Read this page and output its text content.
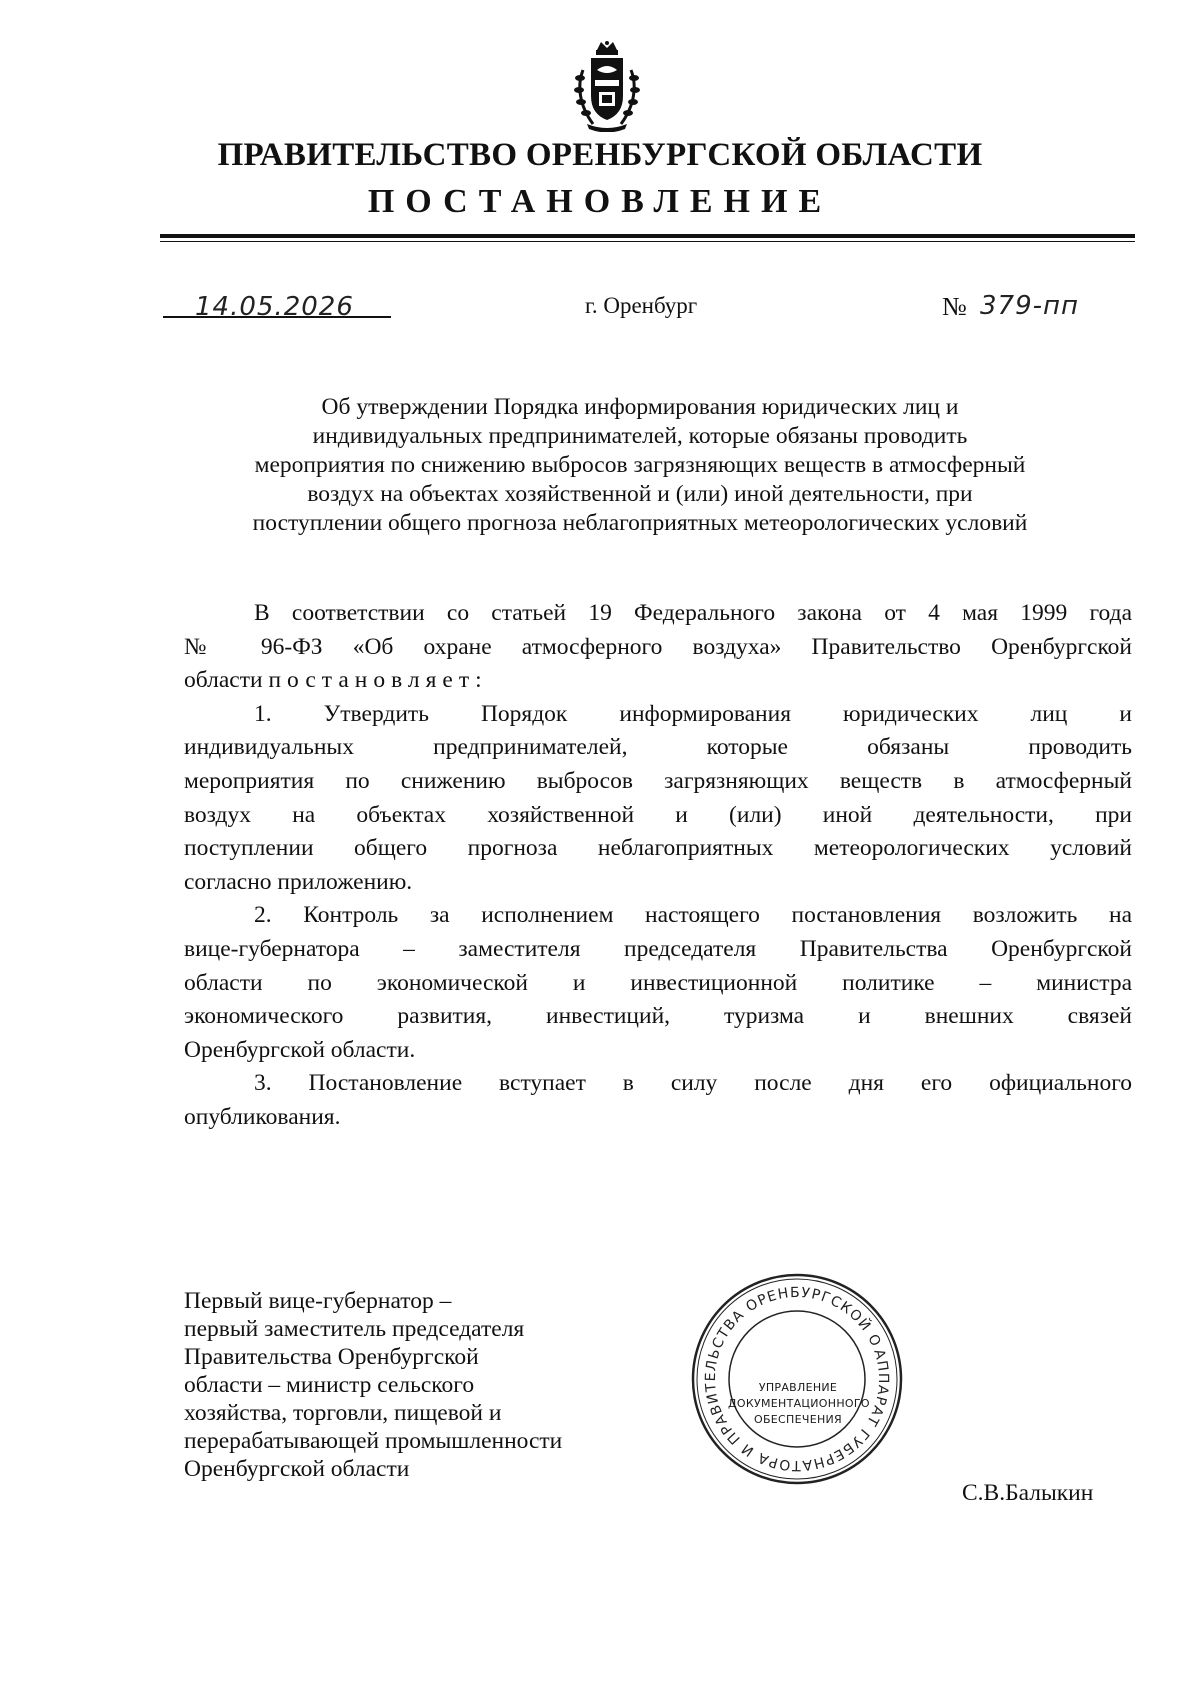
ПРАВИТЕЛЬСТВО ОРЕНБУРГСКОЙ ОБЛАСТИ
ПОСТАНОВЛЕНИЕ
14.05.2026	г. Оренбург	№ 379-пп
Об утверждении Порядка информирования юридических лиц и
индивидуальных предпринимателей, которые обязаны проводить
мероприятия по снижению выбросов загрязняющих веществ в атмосферный
воздух на объектах хозяйственной и (или) иной деятельности, при
поступлении общего прогноза неблагоприятных метеорологических условий
В соответствии со статьей 19 Федерального закона от 4 мая 1999 года
№ 96-ФЗ «Об охране атмосферного воздуха» Правительство Оренбургской
области постановляет:
1. Утвердить Порядок информирования юридических лиц и
индивидуальных предпринимателей, которые обязаны проводить
мероприятия по снижению выбросов загрязняющих веществ в атмосферный
воздух на объектах хозяйственной и (или) иной деятельности, при
поступлении общего прогноза неблагоприятных метеорологических условий
согласно приложению.
2. Контроль за исполнением настоящего постановления возложить на
вице-губернатора – заместителя председателя Правительства Оренбургской
области по экономической и инвестиционной политике – министра
экономического развития, инвестиций, туризма и внешних связей
Оренбургской области.
3. Постановление вступает в силу после дня его официального
опубликования.
Первый вице-губернатор –
первый заместитель председателя
Правительства Оренбургской
области – министр сельского
хозяйства, торговли, пищевой и
перерабатывающей промышленности
Оренбургской области
АППАРАТ ГУБЕРНАТОРА И ПРАВИТЕЛЬСТВА ОРЕНБУРГСКОЙ ОБЛАСТИ
УПРАВЛЕНИЕ
ДОКУМЕНТАЦИОННОГО
ОБЕСПЕЧЕНИЯ
С.В.Балыкин
